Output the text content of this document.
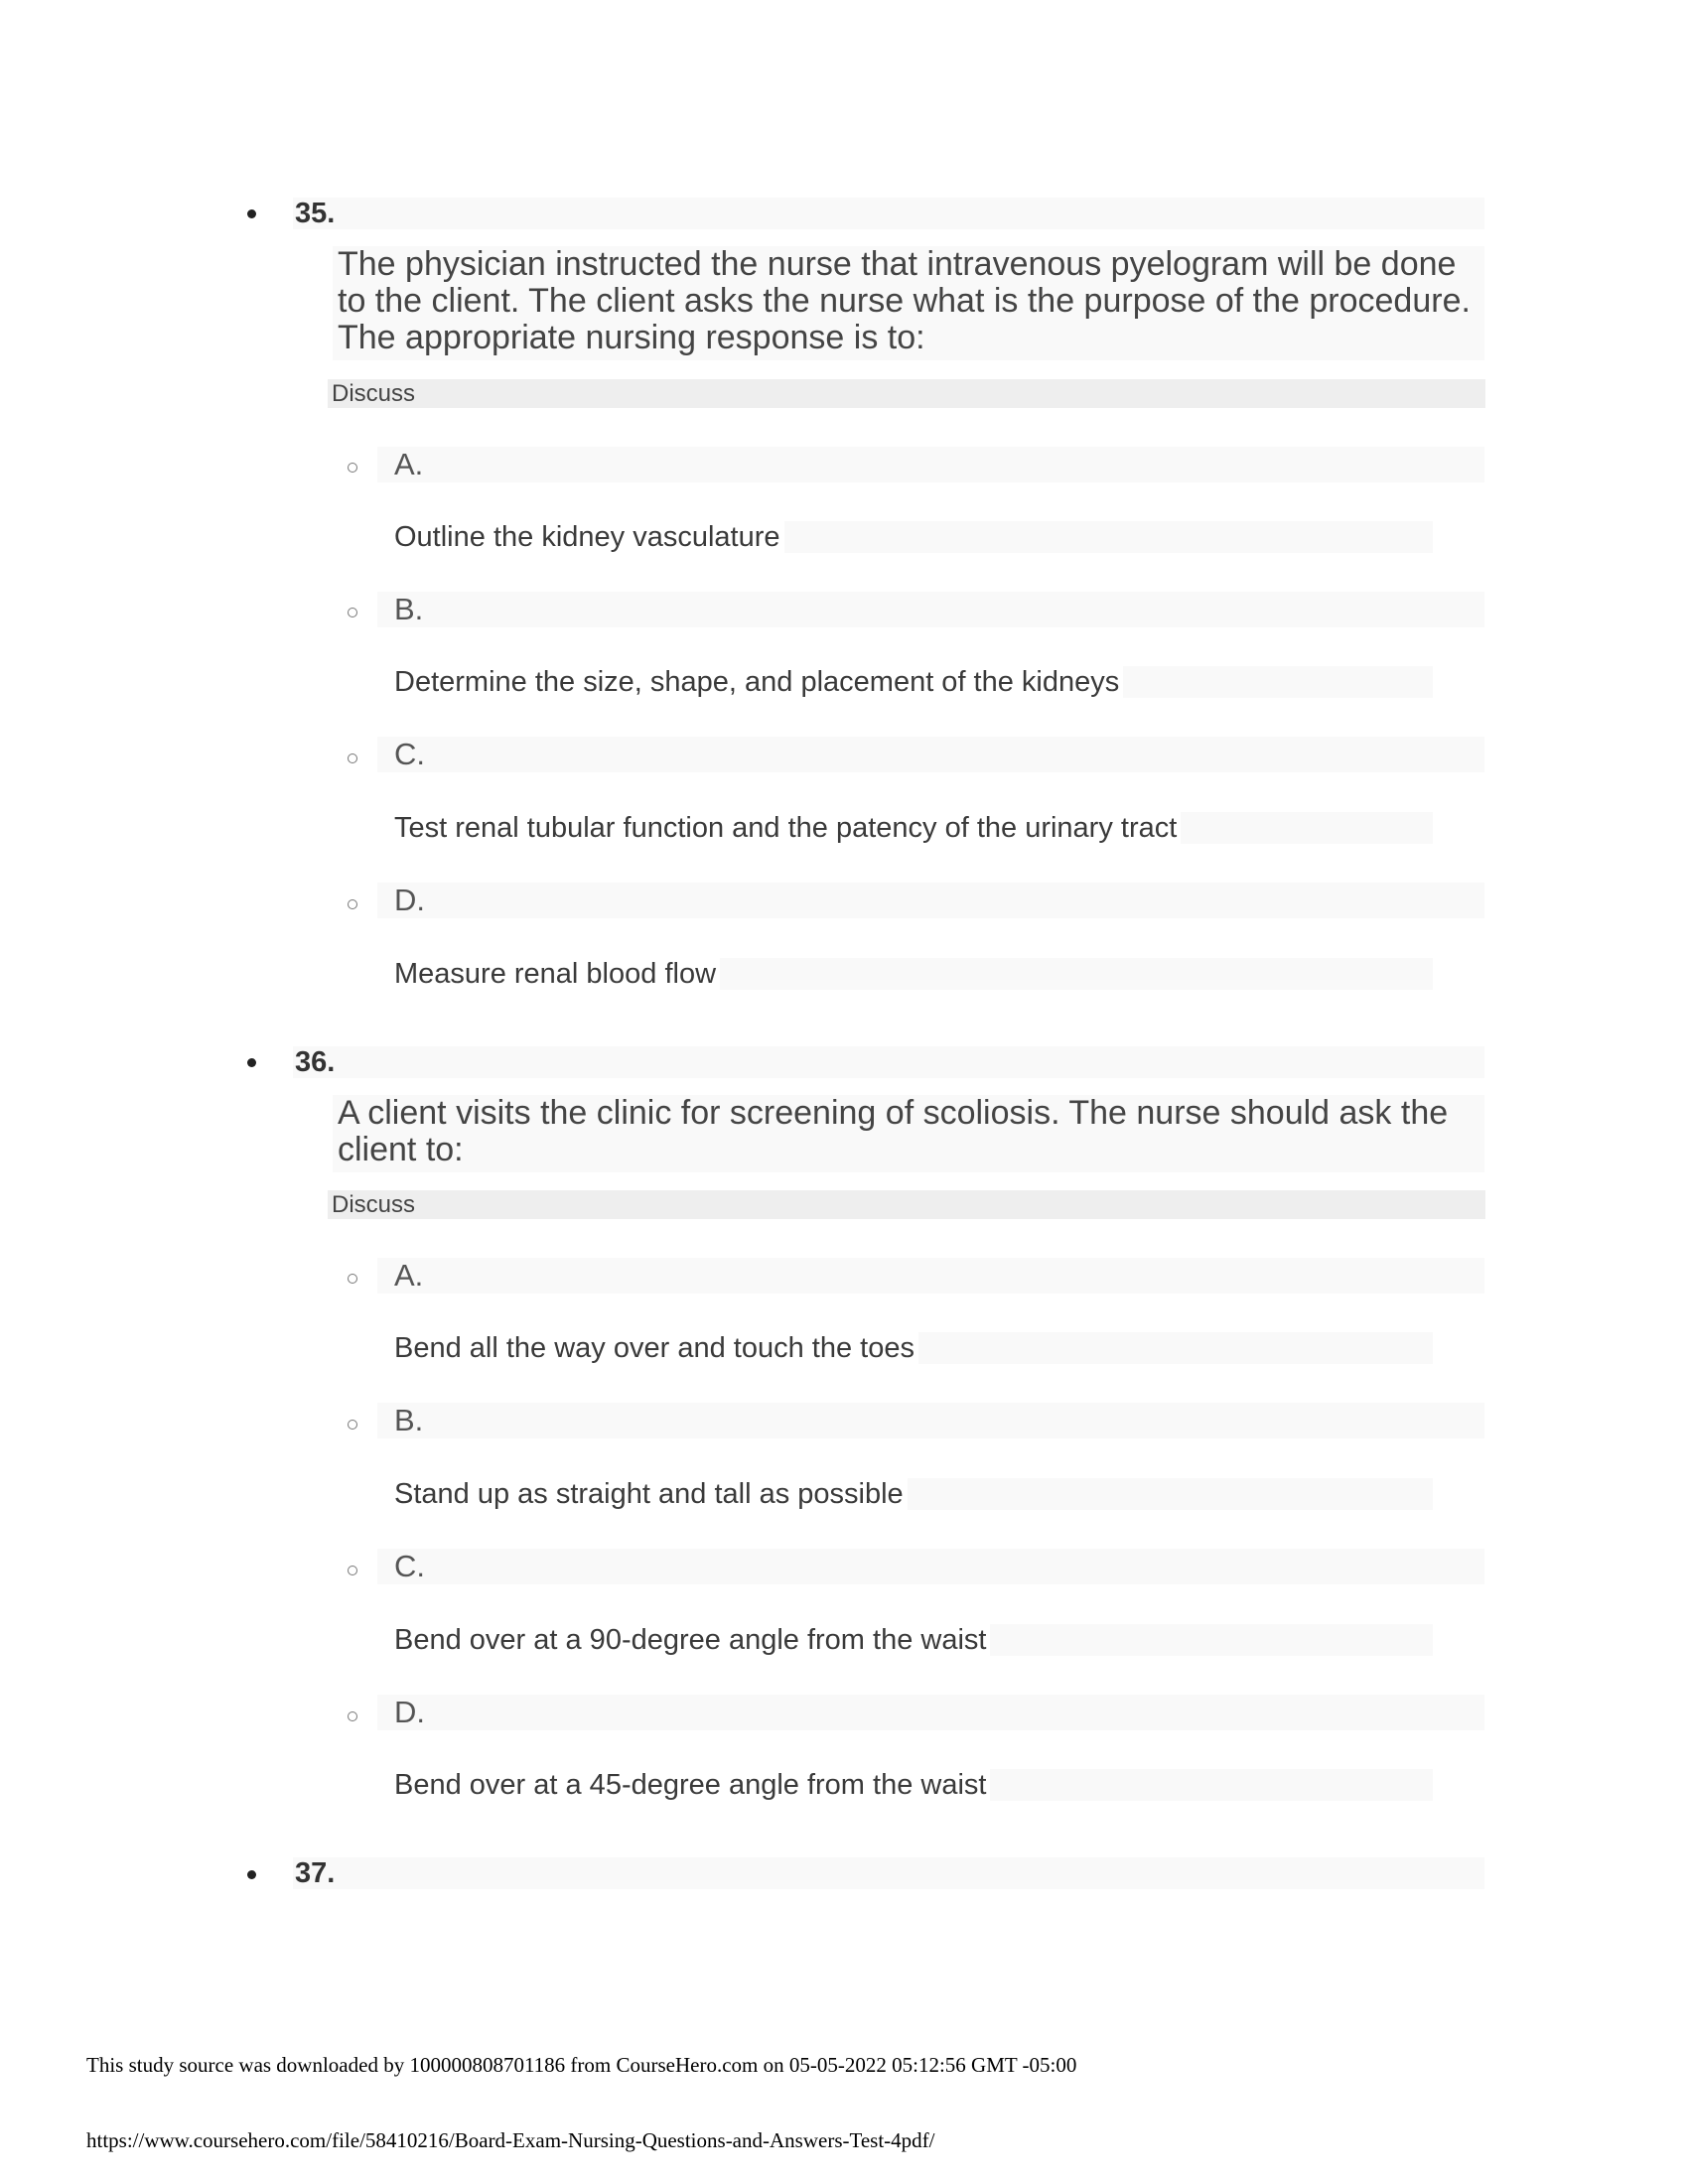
35.
The physician instructed the nurse that intravenous pyelogram will be done to the client. The client asks the nurse what is the purpose of the procedure. The appropriate nursing response is to:
Discuss
A.
Outline the kidney vasculature
B.
Determine the size, shape, and placement of the kidneys
C.
Test renal tubular function and the patency of the urinary tract
D.
Measure renal blood flow
36.
A client visits the clinic for screening of scoliosis. The nurse should ask the client to:
Discuss
A.
Bend all the way over and touch the toes
B.
Stand up as straight and tall as possible
C.
Bend over at a 90-degree angle from the waist
D.
Bend over at a 45-degree angle from the waist
37.
This study source was downloaded by 100000808701186 from CourseHero.com on 05-05-2022 05:12:56 GMT -05:00
https://www.coursehero.com/file/58410216/Board-Exam-Nursing-Questions-and-Answers-Test-4pdf/
